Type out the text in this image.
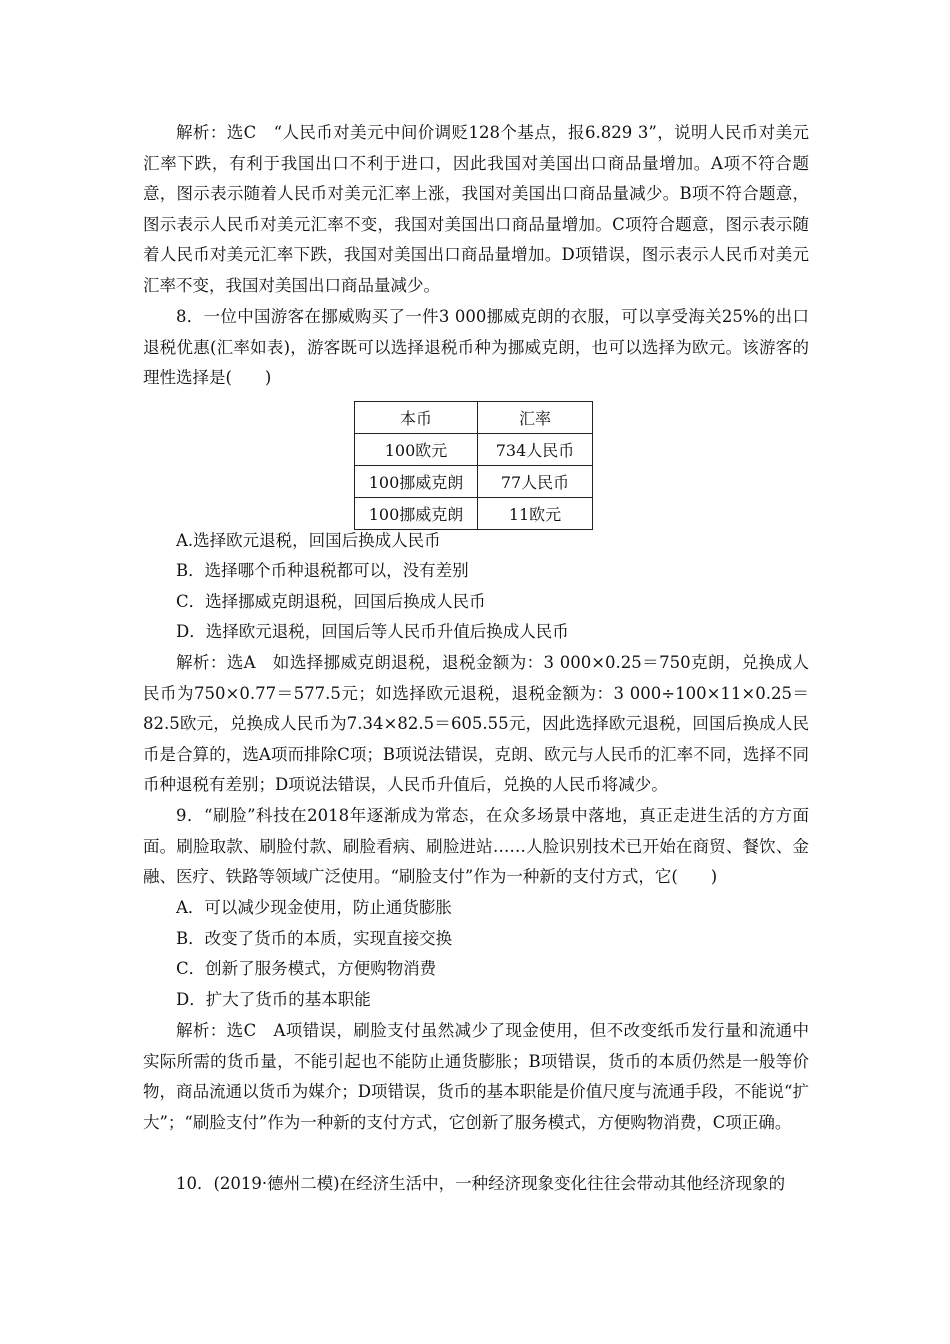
解析：选C　“人民币对美元中间价调贬128个基点，报6.829 3”，说明人民币对美元汇率下跌，有利于我国出口不利于进口，因此我国对美国出口商品量增加。A项不符合题意，图示表示随着人民币对美元汇率上涨，我国对美国出口商品量减少。B项不符合题意，图示表示人民币对美元汇率不变，我国对美国出口商品量增加。C项符合题意，图示表示随着人民币对美元汇率下跌，我国对美国出口商品量增加。D项错误，图示表示人民币对美元汇率不变，我国对美国出口商品量减少。

8．一位中国游客在挪威购买了一件3 000挪威克朗的衣服，可以享受海关25%的出口退税优惠(汇率如表)，游客既可以选择退税币种为挪威克朗，也可以选择为欧元。该游客的理性选择是(　　)

本币	汇率
100欧元	734人民币
100挪威克朗	77人民币
100挪威克朗	11欧元

A.选择欧元退税，回国后换成人民币

B．选择哪个币种退税都可以，没有差别

C．选择挪威克朗退税，回国后换成人民币

D．选择欧元退税，回国后等人民币升值后换成人民币

解析：选A　如选择挪威克朗退税，退税金额为：3 000×0.25＝750克朗，兑换成人民币为750×0.77＝577.5元；如选择欧元退税，退税金额为：3 000÷100×11×0.25＝82.5欧元，兑换成人民币为7.34×82.5＝605.55元，因此选择欧元退税，回国后换成人民币是合算的，选A项而排除C项；B项说法错误，克朗、欧元与人民币的汇率不同，选择不同币种退税有差别；D项说法错误，人民币升值后，兑换的人民币将减少。

9．“刷脸”科技在2018年逐渐成为常态，在众多场景中落地，真正走进生活的方方面面。刷脸取款、刷脸付款、刷脸看病、刷脸进站……人脸识别技术已开始在商贸、餐饮、金融、医疗、铁路等领域广泛使用。“刷脸支付”作为一种新的支付方式，它(　　)

A．可以减少现金使用，防止通货膨胀

B．改变了货币的本质，实现直接交换

C．创新了服务模式，方便购物消费

D．扩大了货币的基本职能

解析：选C　A项错误，刷脸支付虽然减少了现金使用，但不改变纸币发行量和流通中实际所需的货币量，不能引起也不能防止通货膨胀；B项错误，货币的本质仍然是一般等价物，商品流通以货币为媒介；D项错误，货币的基本职能是价值尺度与流通手段，不能说“扩大”；“刷脸支付”作为一种新的支付方式，它创新了服务模式，方便购物消费，C项正确。

10．(2019·德州二模)在经济生活中，一种经济现象变化往往会带动其他经济现象的
